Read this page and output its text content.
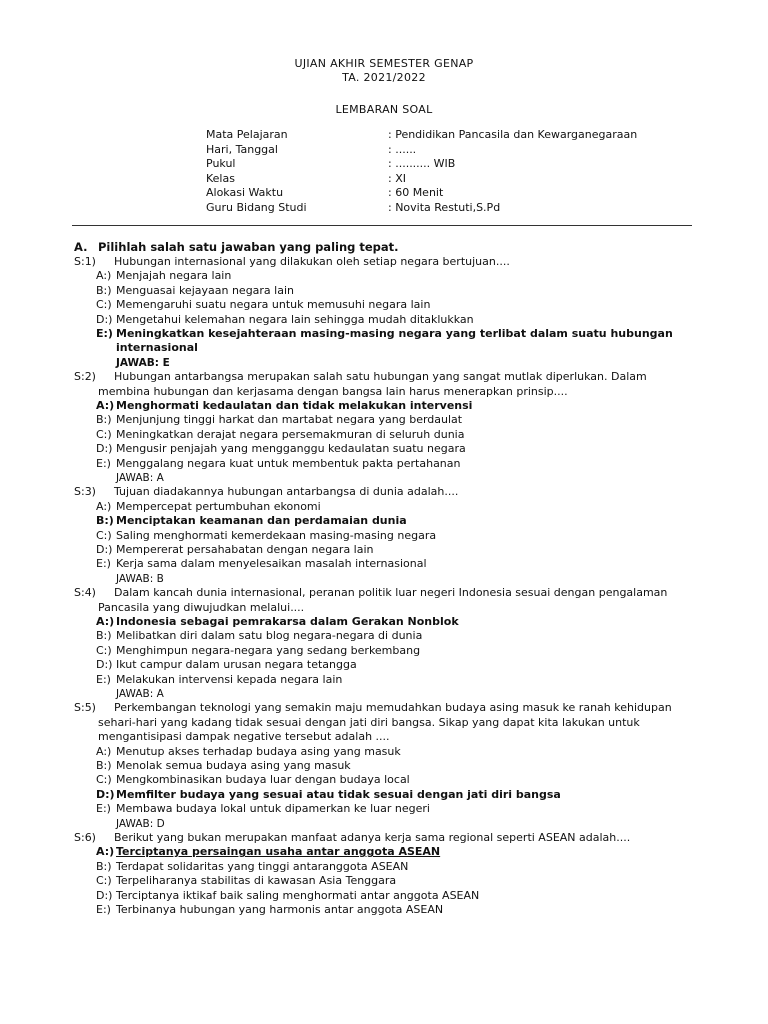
UJIAN AKHIR SEMESTER GENAP
TA. 2021/2022
LEMBARAN SOAL
Mata Pelajaran	: Pendidikan Pancasila dan Kewarganegaraan
Hari, Tanggal	: ......
Pukul	: .......... WIB
Kelas	: XI
Alokasi Waktu	: 60 Menit
Guru Bidang Studi	: Novita Restuti,S.Pd
A. Pilihlah salah satu jawaban yang paling tepat.
S:1) Hubungan internasional yang dilakukan oleh setiap negara bertujuan....
A:) Menjajah negara lain
B:) Menguasai kejayaan negara lain
C:) Memengaruhi suatu negara untuk memusuhi negara lain
D:) Mengetahui kelemahan negara lain sehingga mudah ditaklukkan
E:) Meningkatkan kesejahteraan masing-masing negara yang terlibat dalam suatu hubungan
internasional
JAWAB: E
S:2) Hubungan antarbangsa merupakan salah satu hubungan yang sangat mutlak diperlukan. Dalam
membina hubungan dan kerjasama dengan bangsa lain harus menerapkan prinsip....
A:) Menghormati kedaulatan dan tidak melakukan intervensi
B:) Menjunjung tinggi harkat dan martabat negara yang berdaulat
C:) Meningkatkan derajat negara persemakmuran di seluruh dunia
D:) Mengusir penjajah yang mengganggu kedaulatan suatu negara
E:) Menggalang negara kuat untuk membentuk pakta pertahanan
JAWAB: A
S:3) Tujuan diadakannya hubungan antarbangsa di dunia adalah....
A:) Mempercepat pertumbuhan ekonomi
B:) Menciptakan keamanan dan perdamaian dunia
C:) Saling menghormati kemerdekaan masing-masing negara
D:) Mempererat persahabatan dengan negara lain
E:) Kerja sama dalam menyelesaikan masalah internasional
JAWAB: B
S:4) Dalam kancah dunia internasional, peranan politik luar negeri Indonesia sesuai dengan pengalaman
Pancasila yang diwujudkan melalui....
A:) Indonesia sebagai pemrakarsa dalam Gerakan Nonblok
B:) Melibatkan diri dalam satu blog negara-negara di dunia
C:) Menghimpun negara-negara yang sedang berkembang
D:) Ikut campur dalam urusan negara tetangga
E:) Melakukan intervensi kepada negara lain
JAWAB: A
S:5) Perkembangan teknologi yang semakin maju memudahkan budaya asing masuk ke ranah kehidupan
sehari-hari yang kadang tidak sesuai dengan jati diri bangsa. Sikap yang dapat kita lakukan untuk
mengantisipasi dampak negative tersebut adalah ....
A:) Menutup akses terhadap budaya asing yang masuk
B:) Menolak semua budaya asing yang masuk
C:) Mengkombinasikan budaya luar dengan budaya local
D:)Memfilter budaya yang sesuai atau tidak sesuai dengan jati diri bangsa
E:) Membawa budaya lokal untuk dipamerkan ke luar negeri
JAWAB: D
S:6) Berikut yang bukan merupakan manfaat adanya kerja sama regional seperti ASEAN adalah....
A:) Terciptanya persaingan usaha antar anggota ASEAN
B:) Terdapat solidaritas yang tinggi antaranggota ASEAN
C:) Terpeliharanya stabilitas di kawasan Asia Tenggara
D:) Terciptanya iktikaf baik saling menghormati antar anggota ASEAN
E:) Terbinanya hubungan yang harmonis antar anggota ASEAN
